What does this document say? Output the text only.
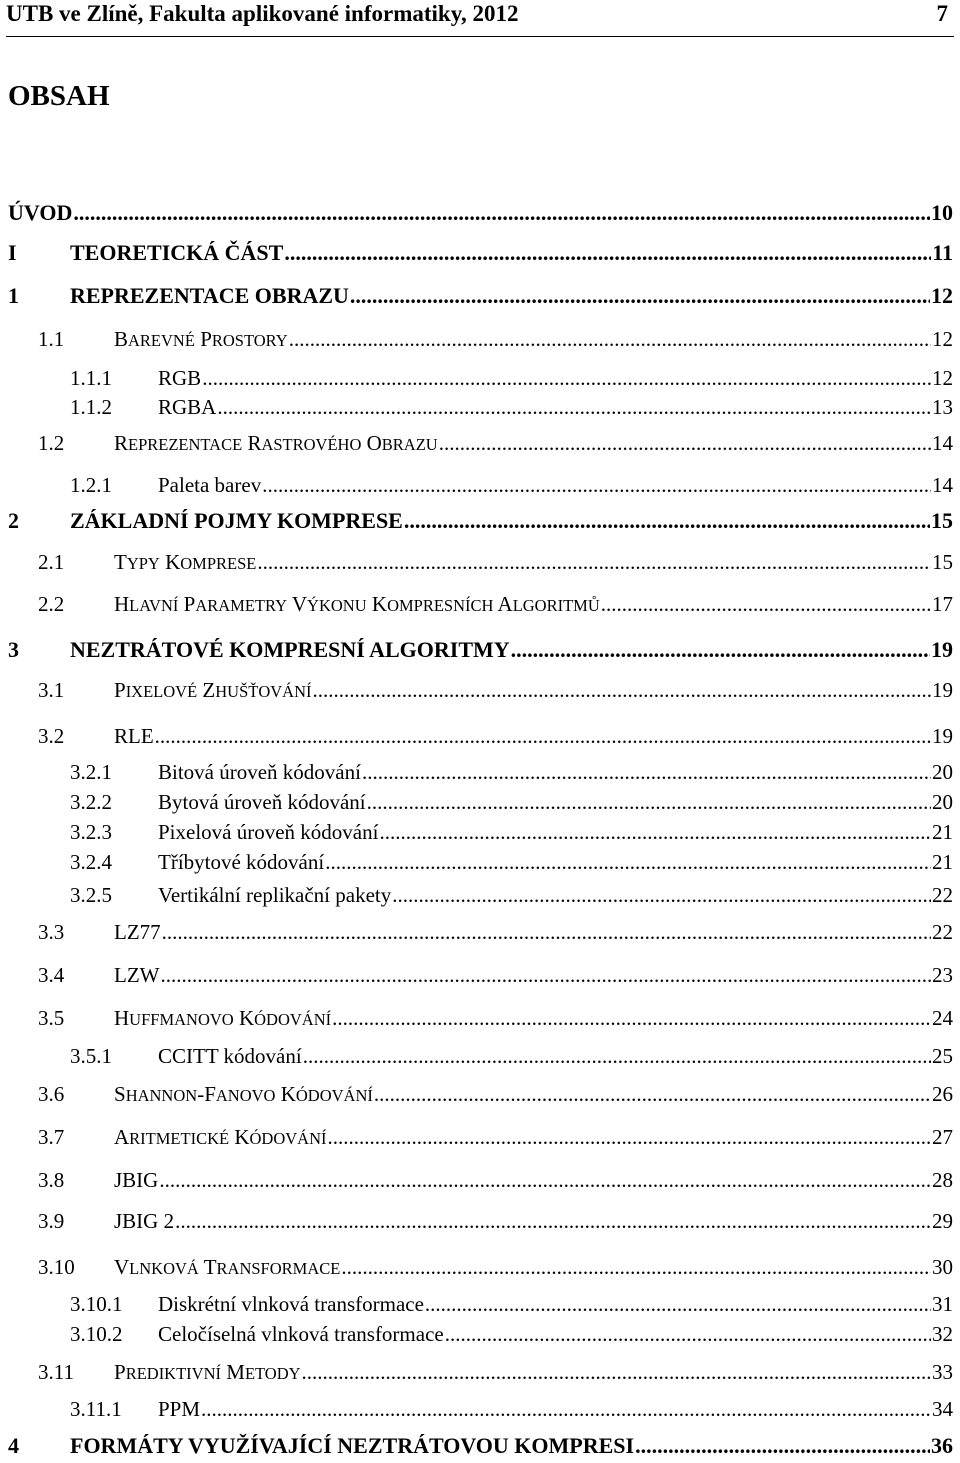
UTB ve Zlíně, Fakulta aplikované informatiky, 2012	7
OBSAH
ÚVOD .....	10
I TEORETICKÁ ČÁST .....	11
1 REPREZENTACE OBRAZU .....	12
1.1 BAREVNÉ PROSTORY .....	12
1.1.1 RGB .....	12
1.1.2 RGBA .....	13
1.2 REPREZENTACE RASTROVÉHO OBRAZU .....	14
1.2.1 Paleta barev .....	14
2 ZÁKLADNÍ POJMY KOMPRESE .....	15
2.1 TYPY KOMPRESE .....	15
2.2 HLAVNÍ PARAMETRY VÝKONU KOMPRESNÍCH ALGORITMŮ .....	17
3 NEZTRÁTOVÉ KOMPRESNÍ ALGORITMY .....	19
3.1 PIXELOVÉ ZHUŠŤOVÁNÍ .....	19
3.2 RLE .....	19
3.2.1 Bitová úroveň kódování .....	20
3.2.2 Bytová úroveň kódování .....	20
3.2.3 Pixelová úroveň kódování .....	21
3.2.4 Tříbytové kódování .....	21
3.2.5 Vertikální replikační pakety .....	22
3.3 LZ77 .....	22
3.4 LZW .....	23
3.5 HUFFMANOVO KÓDOVÁNÍ .....	24
3.5.1 CCITT kódování .....	25
3.6 SHANNON-FANOVO KÓDOVÁNÍ .....	26
3.7 ARITMETICKÉ KÓDOVÁNÍ .....	27
3.8 JBIG .....	28
3.9 JBIG 2 .....	29
3.10 VLNKOVÁ TRANSFORMACE .....	30
3.10.1 Diskrétní vlnková transformace .....	31
3.10.2 Celočíselná vlnková transformace .....	32
3.11 PREDIKTIVNÍ METODY .....	33
3.11.1 PPM .....	34
4 FORMÁTY VYUŽÍVAJÍCÍ NEZTRÁTOVOU KOMPRESI .....	36
